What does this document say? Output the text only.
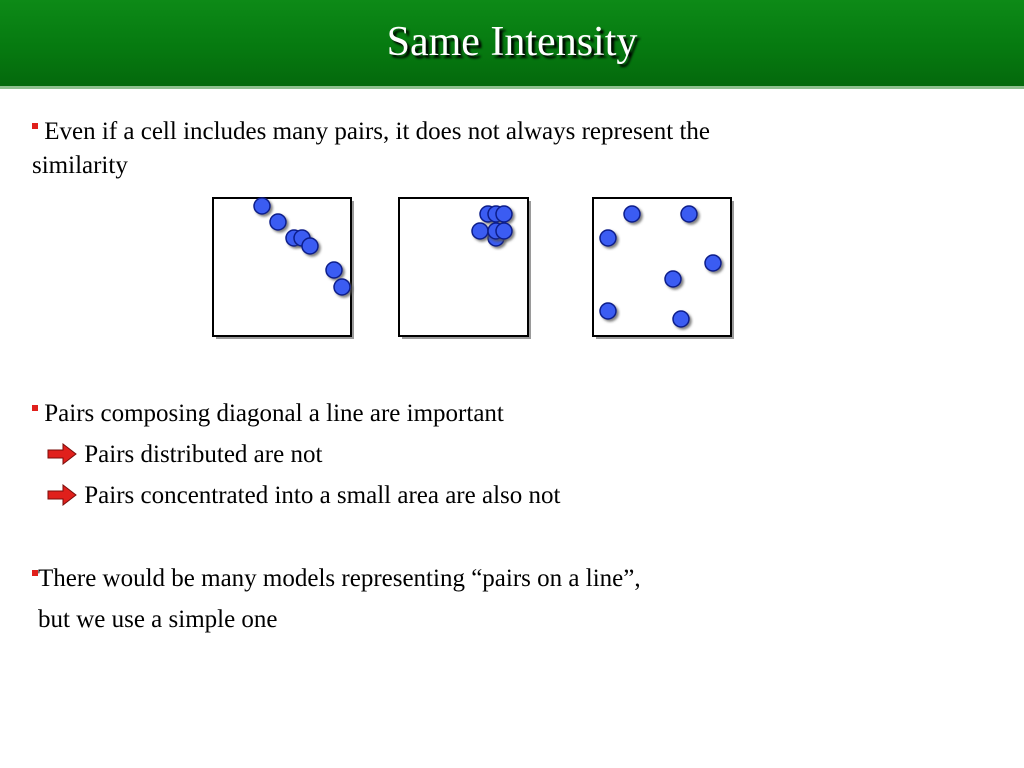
Same Intensity
Even if a cell includes many pairs, it does not always represent the
similarity
Pairs composing diagonal a line are important
Pairs distributed are not
Pairs concentrated into a small area are also not
There would be many models representing “pairs on a line”,
but we use a simple one
